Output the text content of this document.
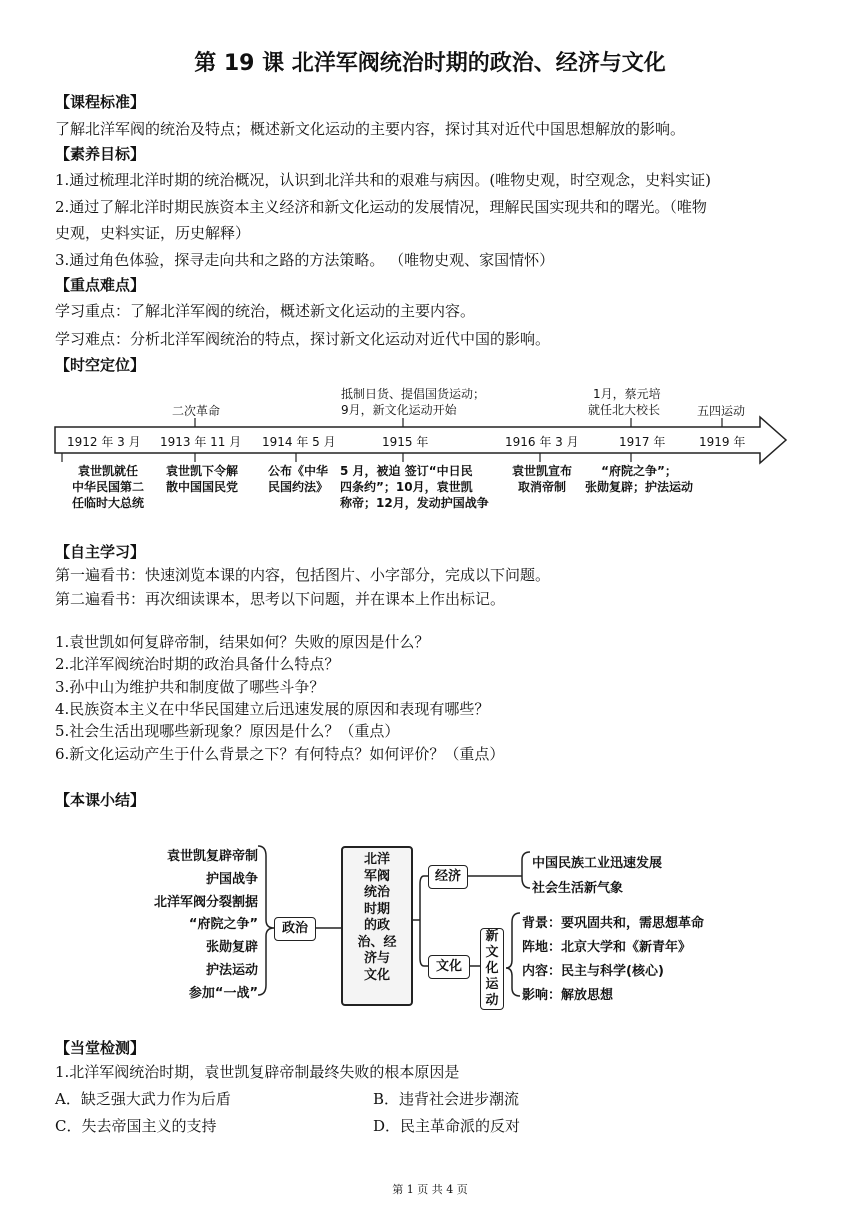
第 19 课 北洋军阀统治时期的政治、经济与文化
【课程标准】
了解北洋军阀的统治及特点；概述新文化运动的主要内容，探讨其对近代中国思想解放的影响。
【素养目标】
1.通过梳理北洋时期的统治概况，认识到北洋共和的艰难与病因。(唯物史观，时空观念，史料实证)
2.通过了解北洋时期民族资本主义经济和新文化运动的发展情况，理解民国实现共和的曙光。（唯物
史观，史料实证，历史解释）
3.通过角色体验，探寻走向共和之路的方法策略。 （唯物史观、家国情怀）
【重点难点】
学习重点：了解北洋军阀的统治，概述新文化运动的主要内容。
学习难点：分析北洋军阀统治的特点，探讨新文化运动对近代中国的影响。
【时空定位】
二次革命
抵制日货、提倡国货运动；
9月，新文化运动开始
1月，蔡元培
就任北大校长	五四运动
1912 年 3 月 1913 年 11 月 1914 年 5 月	1915 年	1916 年 3 月	1917 年	1919 年
袁世凯就任
中华民国第二
任临时大总统
袁世凯下令解
散中国国民党
公布《中华
民国约法》
5 月，被迫 签订“中日民
四条约”；10月，袁世凯
称帝；12月，发动护国战争
袁世凯宣布
取消帝制
“府院之争”；
张勋复辟；护法运动
【自主学习】
第一遍看书：快速浏览本课的内容，包括图片、小字部分，完成以下问题。
第二遍看书：再次细读课本，思考以下问题，并在课本上作出标记。
1.袁世凯如何复辟帝制，结果如何？失败的原因是什么？
2.北洋军阀统治时期的政治具备什么特点？
3.孙中山为维护共和制度做了哪些斗争？
4.民族资本主义在中华民国建立后迅速发展的原因和表现有哪些？
5.社会生活出现哪些新现象？原因是什么？（重点）
6.新文化运动产生于什么背景之下？有何特点？如何评价？（重点）
【本课小结】
袁世凯复辟帝制
护国战争
北洋军阀分裂割据
“府院之争”
张勋复辟
护法运动
参加“一战”
政治
北洋
军阀
统治
时期
的政
治、经
济与
文化
经济
中国民族工业迅速发展
社会生活新气象
文化
新
文
化
运
动
背景：要巩固共和，需思想革命
阵地：北京大学和《新青年》
内容：民主与科学(核心)
影响：解放思想
【当堂检测】
1.北洋军阀统治时期，袁世凯复辟帝制最终失败的根本原因是
A．缺乏强大武力作为后盾	B．违背社会进步潮流
C．失去帝国主义的支持	D．民主革命派的反对
第 1 页 共 4 页
